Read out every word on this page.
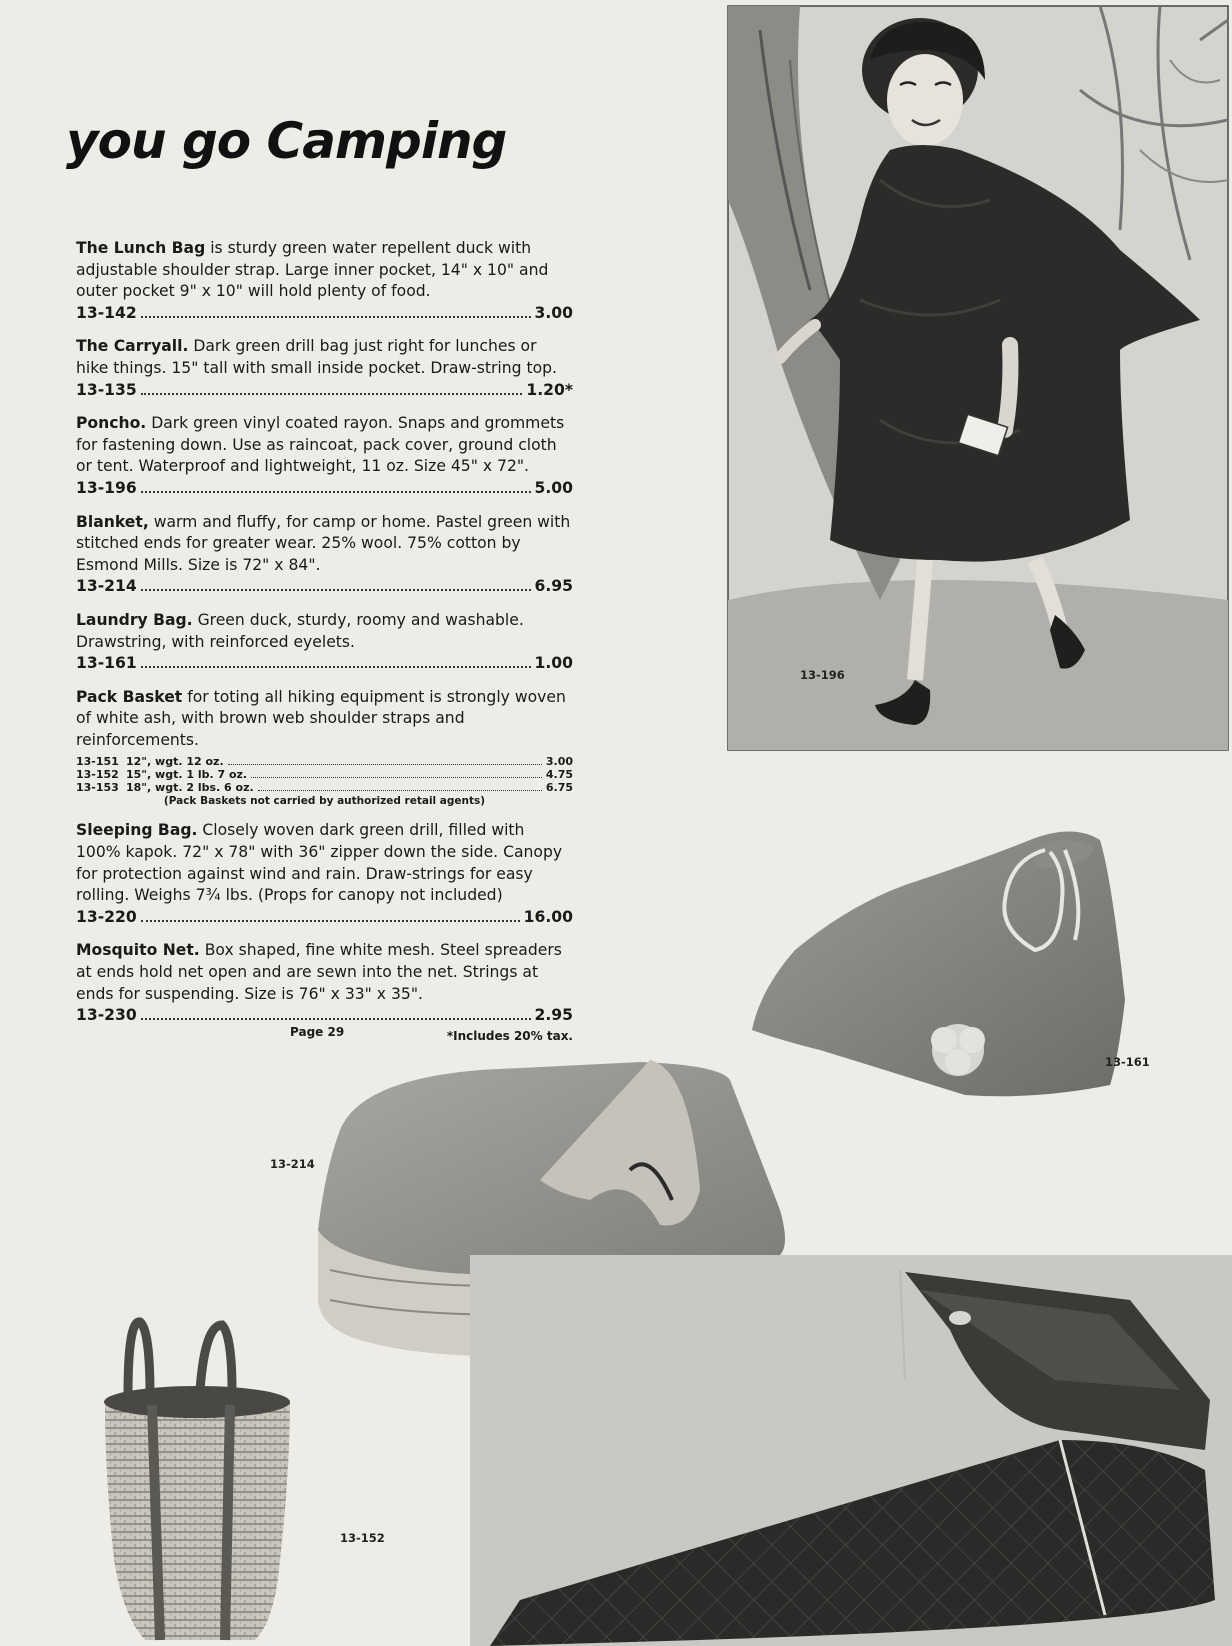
you go Camping
The Lunch Bag is sturdy green water repellent duck with adjustable shoulder strap. Large inner pocket, 14" x 10" and outer pocket 9" x 10" will hold plenty of food.
13-142	3.00
The Carryall. Dark green drill bag just right for lunches or hike things. 15" tall with small inside pocket. Draw-string top.
13-135	1.20*
Poncho. Dark green vinyl coated rayon. Snaps and grommets for fastening down. Use as raincoat, pack cover, ground cloth or tent. Waterproof and lightweight, 11 oz. Size 45" x 72".
13-196	5.00
Blanket, warm and fluffy, for camp or home. Pastel green with stitched ends for greater wear. 25% wool. 75% cotton by Esmond Mills. Size is 72" x 84".
13-214	6.95
Laundry Bag. Green duck, sturdy, roomy and washable. Drawstring, with reinforced eyelets.
13-161	1.00
Pack Basket for toting all hiking equipment is strongly woven of white ash, with brown web shoulder straps and reinforcements.
13-151 12", wgt. 12 oz.	3.00
13-152 15", wgt. 1 lb. 7 oz.	4.75
13-153 18", wgt. 2 lbs. 6 oz.	6.75
(Pack Baskets not carried by authorized retail agents)
Sleeping Bag. Closely woven dark green drill, filled with 100% kapok. 72" x 78" with 36" zipper down the side. Canopy for protection against wind and rain. Draw-strings for easy rolling. Weighs 7¾ lbs. (Props for canopy not included)
13-220	16.00
Mosquito Net. Box shaped, fine white mesh. Steel spreaders at ends hold net open and are sewn into the net. Strings at ends for suspending. Size is 76" x 33" x 35".
13-230	2.95
*Includes 20% tax.
Page 29
13-196
13-161
13-214
13-152
